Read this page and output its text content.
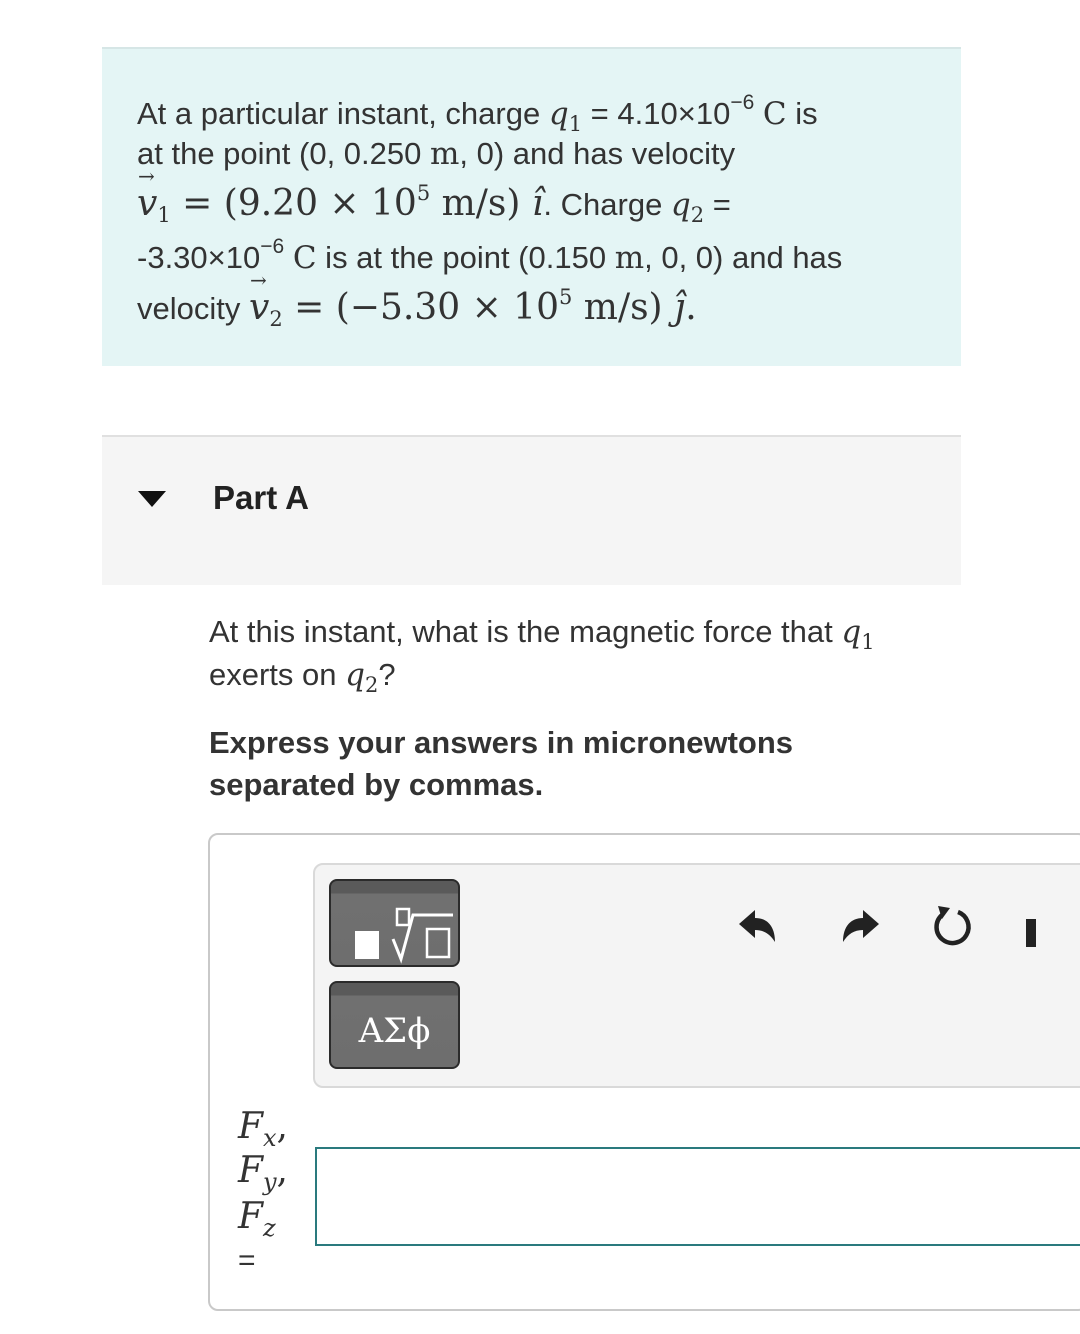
At a particular instant, charge $q_1 = 4.10\times 10^{-6}$ C is
at the point (0, 0.250 m, 0) and has velocity
→ $v_1 = (9.20 \times 10^5$ m/s) î. Charge $q_2$ =
$-3.30\times 10^{-6}$ C is at the point (0.150 m, 0, 0) and has
velocity → $v_2 = (-5.30 \times 10^5$ m/s) ĵ.
Part A
At this instant, what is the magnetic force that $q_1$
exerts on $q_2$?
Express your answers in micronewtons
separated by commas.
ΑΣϕ
$F_x$,
$F_y$,
$F_z$
=
